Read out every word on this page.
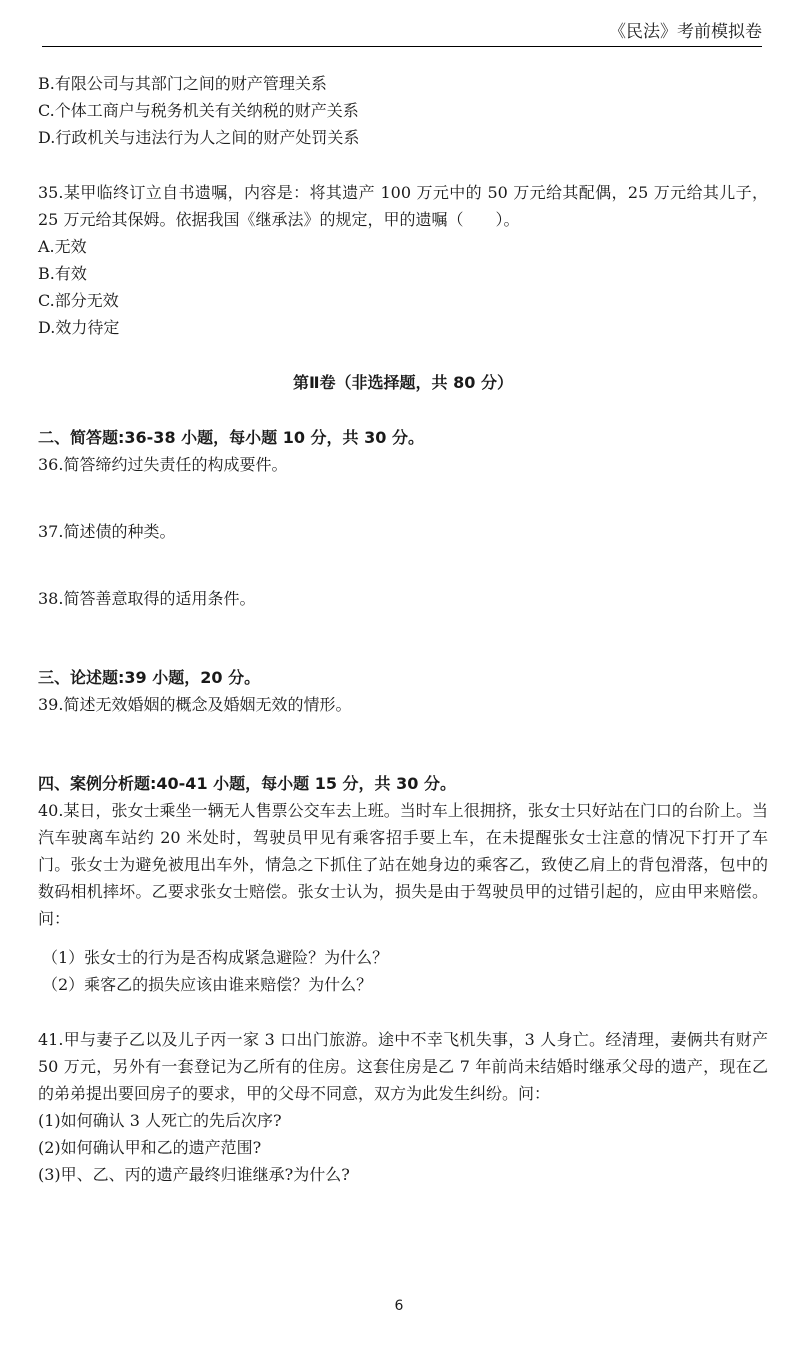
《民法》考前模拟卷
B.有限公司与其部门之间的财产管理关系
C.个体工商户与税务机关有关纳税的财产关系
D.行政机关与违法行为人之间的财产处罚关系
35.某甲临终订立自书遗嘱，内容是：将其遗产 100 万元中的 50 万元给其配偶，25 万元给其儿子，25 万元给其保姆。依据我国《继承法》的规定，甲的遗嘱（　　）。
A.无效
B.有效
C.部分无效
D.效力待定
第Ⅱ卷（非选择题，共 80 分）
二、简答题:36-38 小题，每小题 10 分，共 30 分。
36.简答缔约过失责任的构成要件。
37.简述债的种类。
38.简答善意取得的适用条件。
三、论述题:39 小题，20 分。
39.简述无效婚姻的概念及婚姻无效的情形。
四、案例分析题:40-41 小题，每小题 15 分，共 30 分。
40.某日，张女士乘坐一辆无人售票公交车去上班。当时车上很拥挤，张女士只好站在门口的台阶上。当汽车驶离车站约 20 米处时，驾驶员甲见有乘客招手要上车，在未提醒张女士注意的情况下打开了车门。张女士为避免被甩出车外，情急之下抓住了站在她身边的乘客乙，致使乙肩上的背包滑落，包中的数码相机摔坏。乙要求张女士赔偿。张女士认为，损失是由于驾驶员甲的过错引起的，应由甲来赔偿。问：
（1）张女士的行为是否构成紧急避险？为什么？
（2）乘客乙的损失应该由谁来赔偿？为什么？
41.甲与妻子乙以及儿子丙一家 3 口出门旅游。途中不幸飞机失事，3 人身亡。经清理，妻俩共有财产 50 万元，另外有一套登记为乙所有的住房。这套住房是乙 7 年前尚未结婚时继承父母的遗产，现在乙的弟弟提出要回房子的要求，甲的父母不同意，双方为此发生纠纷。问：
(1)如何确认 3 人死亡的先后次序?
(2)如何确认甲和乙的遗产范围?
(3)甲、乙、丙的遗产最终归谁继承?为什么?
6
